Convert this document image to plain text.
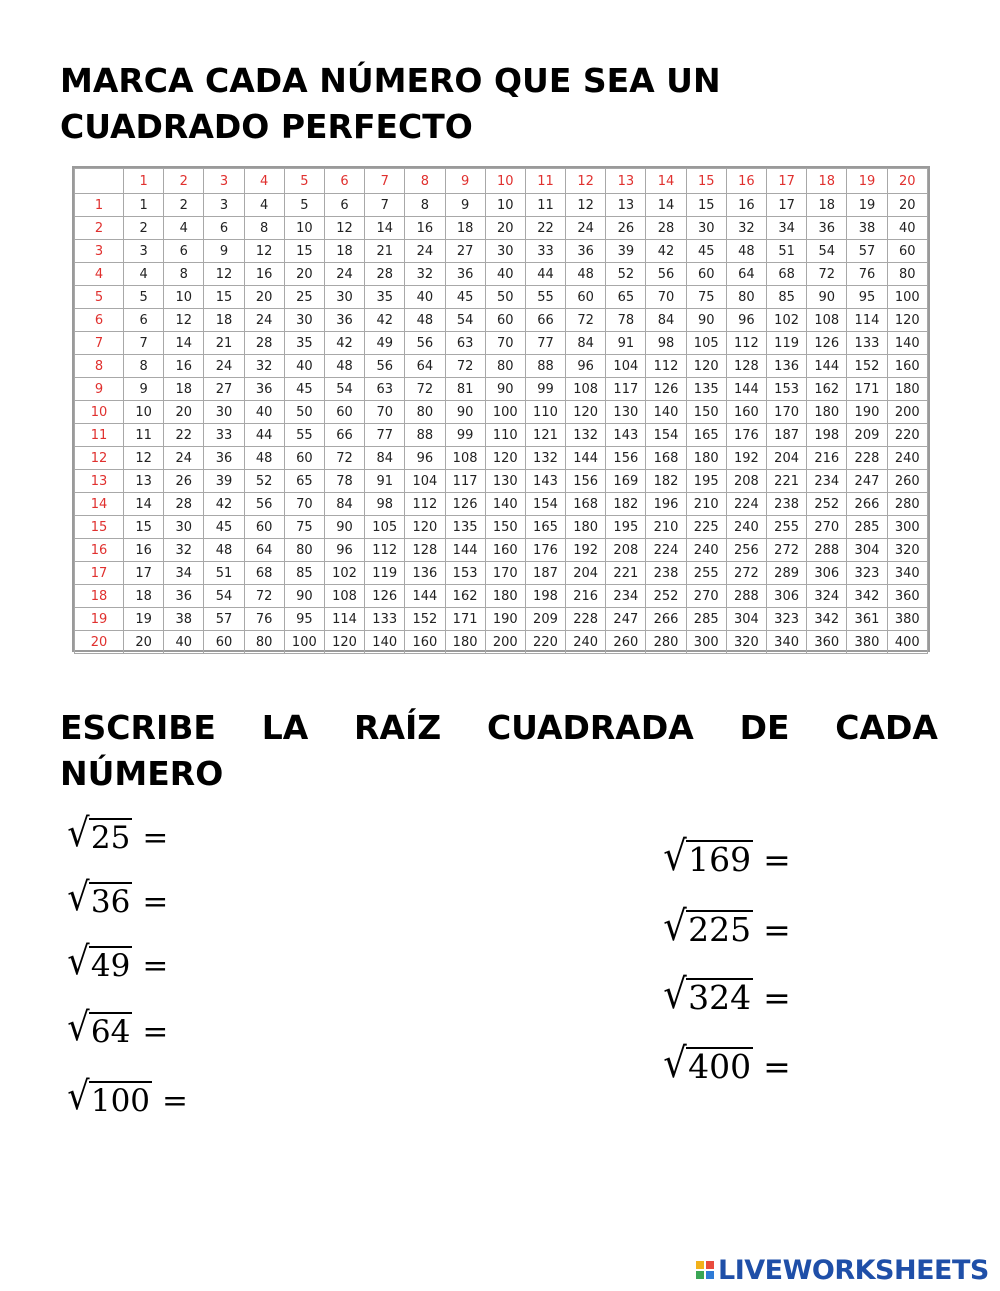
MARCA CADA NÚMERO QUE SEA UN CUADRADO PERFECTO
	1	2	3	4	5	6	7	8	9	10	11	12	13	14	15	16	17	18	19	20
1	1	2	3	4	5	6	7	8	9	10	11	12	13	14	15	16	17	18	19	20
2	2	4	6	8	10	12	14	16	18	20	22	24	26	28	30	32	34	36	38	40
3	3	6	9	12	15	18	21	24	27	30	33	36	39	42	45	48	51	54	57	60
4	4	8	12	16	20	24	28	32	36	40	44	48	52	56	60	64	68	72	76	80
5	5	10	15	20	25	30	35	40	45	50	55	60	65	70	75	80	85	90	95	100
6	6	12	18	24	30	36	42	48	54	60	66	72	78	84	90	96	102	108	114	120
7	7	14	21	28	35	42	49	56	63	70	77	84	91	98	105	112	119	126	133	140
8	8	16	24	32	40	48	56	64	72	80	88	96	104	112	120	128	136	144	152	160
9	9	18	27	36	45	54	63	72	81	90	99	108	117	126	135	144	153	162	171	180
10	10	20	30	40	50	60	70	80	90	100	110	120	130	140	150	160	170	180	190	200
11	11	22	33	44	55	66	77	88	99	110	121	132	143	154	165	176	187	198	209	220
12	12	24	36	48	60	72	84	96	108	120	132	144	156	168	180	192	204	216	228	240
13	13	26	39	52	65	78	91	104	117	130	143	156	169	182	195	208	221	234	247	260
14	14	28	42	56	70	84	98	112	126	140	154	168	182	196	210	224	238	252	266	280
15	15	30	45	60	75	90	105	120	135	150	165	180	195	210	225	240	255	270	285	300
16	16	32	48	64	80	96	112	128	144	160	176	192	208	224	240	256	272	288	304	320
17	17	34	51	68	85	102	119	136	153	170	187	204	221	238	255	272	289	306	323	340
18	18	36	54	72	90	108	126	144	162	180	198	216	234	252	270	288	306	324	342	360
19	19	38	57	76	95	114	133	152	171	190	209	228	247	266	285	304	323	342	361	380
20	20	40	60	80	100	120	140	160	180	200	220	240	260	280	300	320	340	360	380	400
ESCRIBE LA RAÍZ CUADRADA DE CADA
NÚMERO
√ 25 =
√ 36 =
√ 49 =
√ 64 =
√ 100 =
√ 169 =
√ 225 =
√ 324 =
√ 400 =
LIVEWORKSHEETS
